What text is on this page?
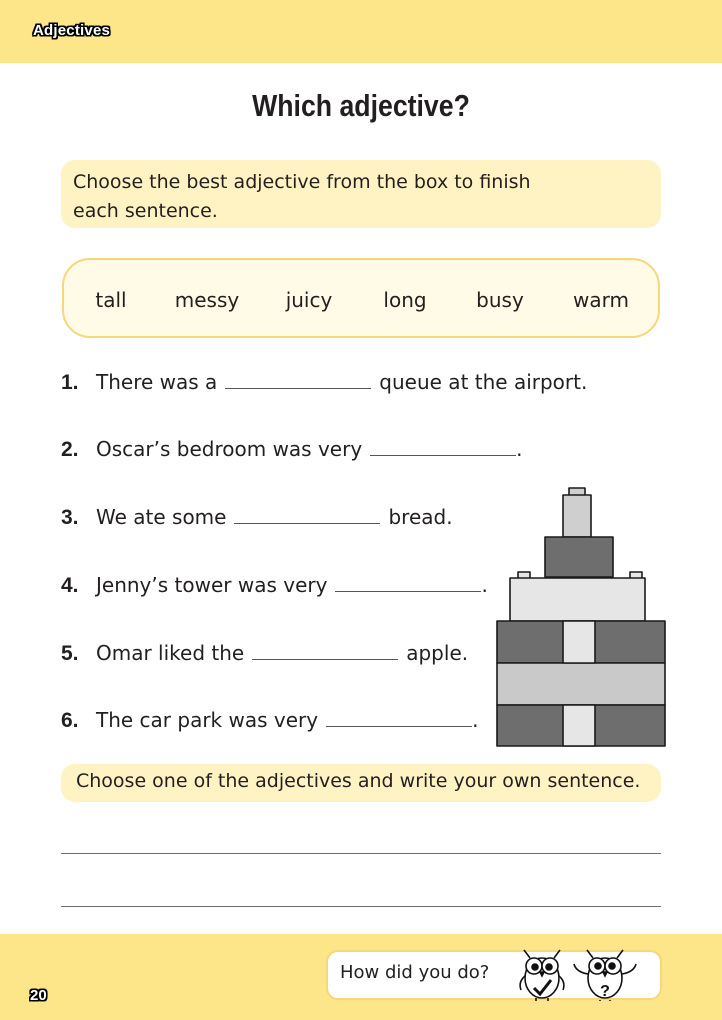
Adjectives
Which adjective?
Choose the best adjective from the box to finish each sentence.
tall messy juicy	long busy warm
1. There was a	queue at the airport.
2. Oscar’s bedroom was very	.
3. We ate some	bread.
4. Jenny’s tower was very	.
5. Omar liked the	apple.
6. The car park was very	.
Choose one of the adjectives and write your own sentence.
20
How did you do?
?
